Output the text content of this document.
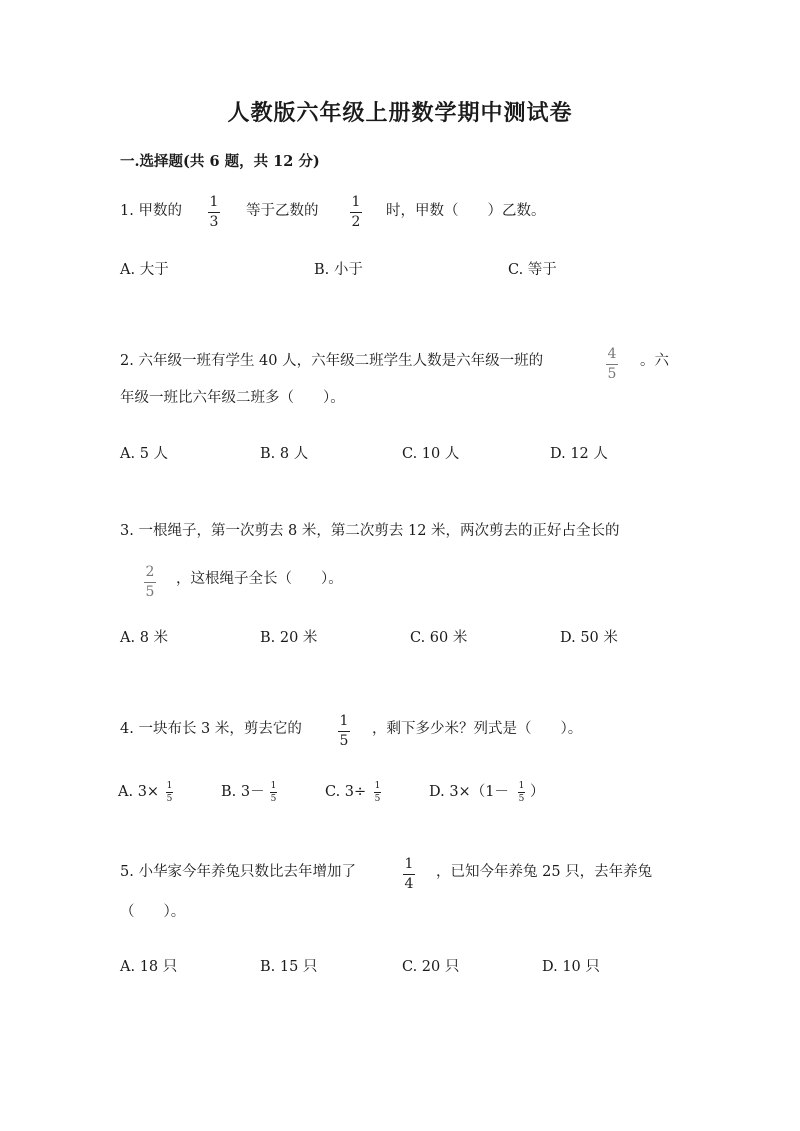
人教版六年级上册数学期中测试卷
一.选择题(共 6 题，共 12 分)
1. 甲数的
1
3
等于乙数的
1
2
时，甲数（　　）乙数。
A. 大于	B. 小于	C. 等于
2. 六年级一班有学生 40 人，六年级二班学生人数是六年级一班的	4
5
。六
年级一班比六年级二班多（　　）。
A. 5 人	B. 8 人	C. 10 人	D. 12 人
3. 一根绳子，第一次剪去 8 米，第二次剪去 12 米，两次剪去的正好占全长的
2
5
，这根绳子全长（　　）。
A. 8 米	B. 20 米	C. 60 米	D. 50 米
4. 一块布长 3 米，剪去它的	1
5
，剩下多少米？列式是（　　）。
A. 3× 1
5	B. 3－ 1
5	C. 3÷ 1
5	D. 3×（1－ 1
5 ）
5. 小华家今年养兔只数比去年增加了	1
4
，已知今年养兔 25 只，去年养兔
（　　）。
A. 18 只	B. 15 只	C. 20 只	D. 10 只
